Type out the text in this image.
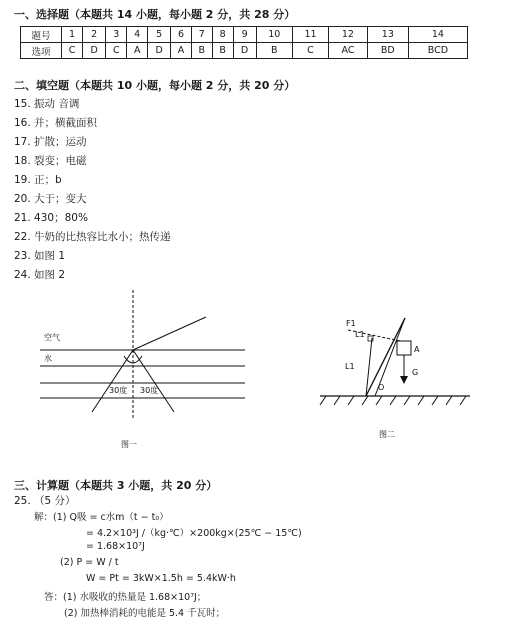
一、选择题（本题共 14 小题，每小题 2 分，共 28 分）
题号	1	2	3	4	5	6	7	8	9	10	11	12	13	14
选项	C	D	C	A	D	A	B	B	D	B	C	AC	BD	BCD
二、填空题（本题共 10 小题，每小题 2 分，共 20 分）
15. 振动 音调
16. 并；横截面积
17. 扩散；运动
18. 裂变；电磁
19. 正；b
20. 大于；变大
21. 430；80%
22. 牛奶的比热容比水小；热传递
23. 如图 1
24. 如图 2
空气
水
30度 30度
图一
F1
L1
L1
A
G
O
图二
三、计算题（本题共 3 小题，共 20 分）
25. （5 分）
解：(1) Q吸 = c水m（t − t₀）
= 4.2×10³J /（kg·℃）×200kg×(25℃ − 15℃)
= 1.68×10⁷J
(2) P = W / t
W = Pt = 3kW×1.5h = 5.4kW·h
答：(1) 水吸收的热量是 1.68×10⁷J；
(2) 加热棒消耗的电能是 5.4 千瓦时；
